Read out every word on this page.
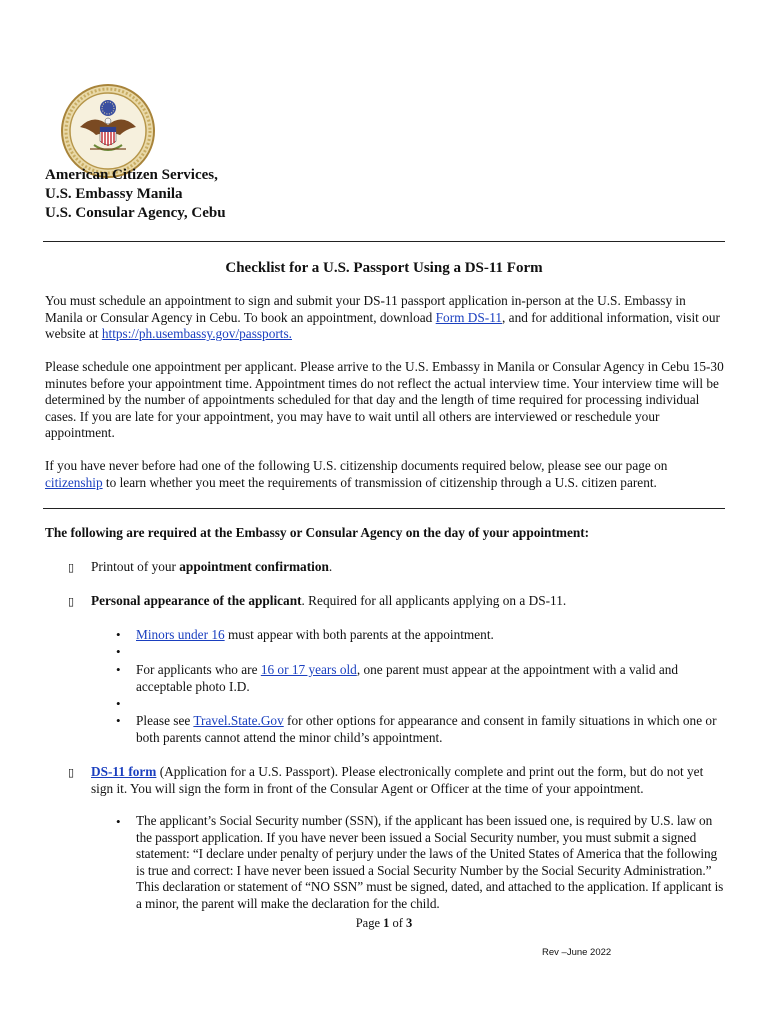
American Citizen Services,
U.S. Embassy Manila
U.S. Consular Agency, Cebu
Checklist for a U.S. Passport Using a DS-11 Form
You must schedule an appointment to sign and submit your DS-11 passport application in-person at the U.S. Embassy in Manila or Consular Agency in Cebu. To book an appointment, download Form DS-11, and for additional information, visit our website at https://ph.usembassy.gov/passports.
Please schedule one appointment per applicant. Please arrive to the U.S. Embassy in Manila or Consular Agency in Cebu 15-30 minutes before your appointment time. Appointment times do not reflect the actual interview time. Your interview time will be determined by the number of appointments scheduled for that day and the length of time required for processing individual cases. If you are late for your appointment, you may have to wait until all others are interviewed or reschedule your appointment.
If you have never before had one of the following U.S. citizenship documents required below, please see our page on citizenship to learn whether you meet the requirements of transmission of citizenship through a U.S. citizen parent.
The following are required at the Embassy or Consular Agency on the day of your appointment:
▯ Printout of your appointment confirmation.
▯ Personal appearance of the applicant. Required for all applicants applying on a DS-11.
• Minors under 16 must appear with both parents at the appointment.
•
• For applicants who are 16 or 17 years old, one parent must appear at the appointment with a valid and acceptable photo I.D.
•
• Please see Travel.State.Gov for other options for appearance and consent in family situations in which one or both parents cannot attend the minor child’s appointment.
▯ DS-11 form (Application for a U.S. Passport). Please electronically complete and print out the form, but do not yet sign it. You will sign the form in front of the Consular Agent or Officer at the time of your appointment.
• The applicant’s Social Security number (SSN), if the applicant has been issued one, is required by U.S. law on the passport application. If you have never been issued a Social Security number, you must submit a signed statement: “I declare under penalty of perjury under the laws of the United States of America that the following is true and correct: I have never been issued a Social Security Number by the Social Security Administration.” This declaration or statement of “NO SSN” must be signed, dated, and attached to the application. If applicant is a minor, the parent will make the declaration for the child.
Page 1 of 3
Rev –June 2022
